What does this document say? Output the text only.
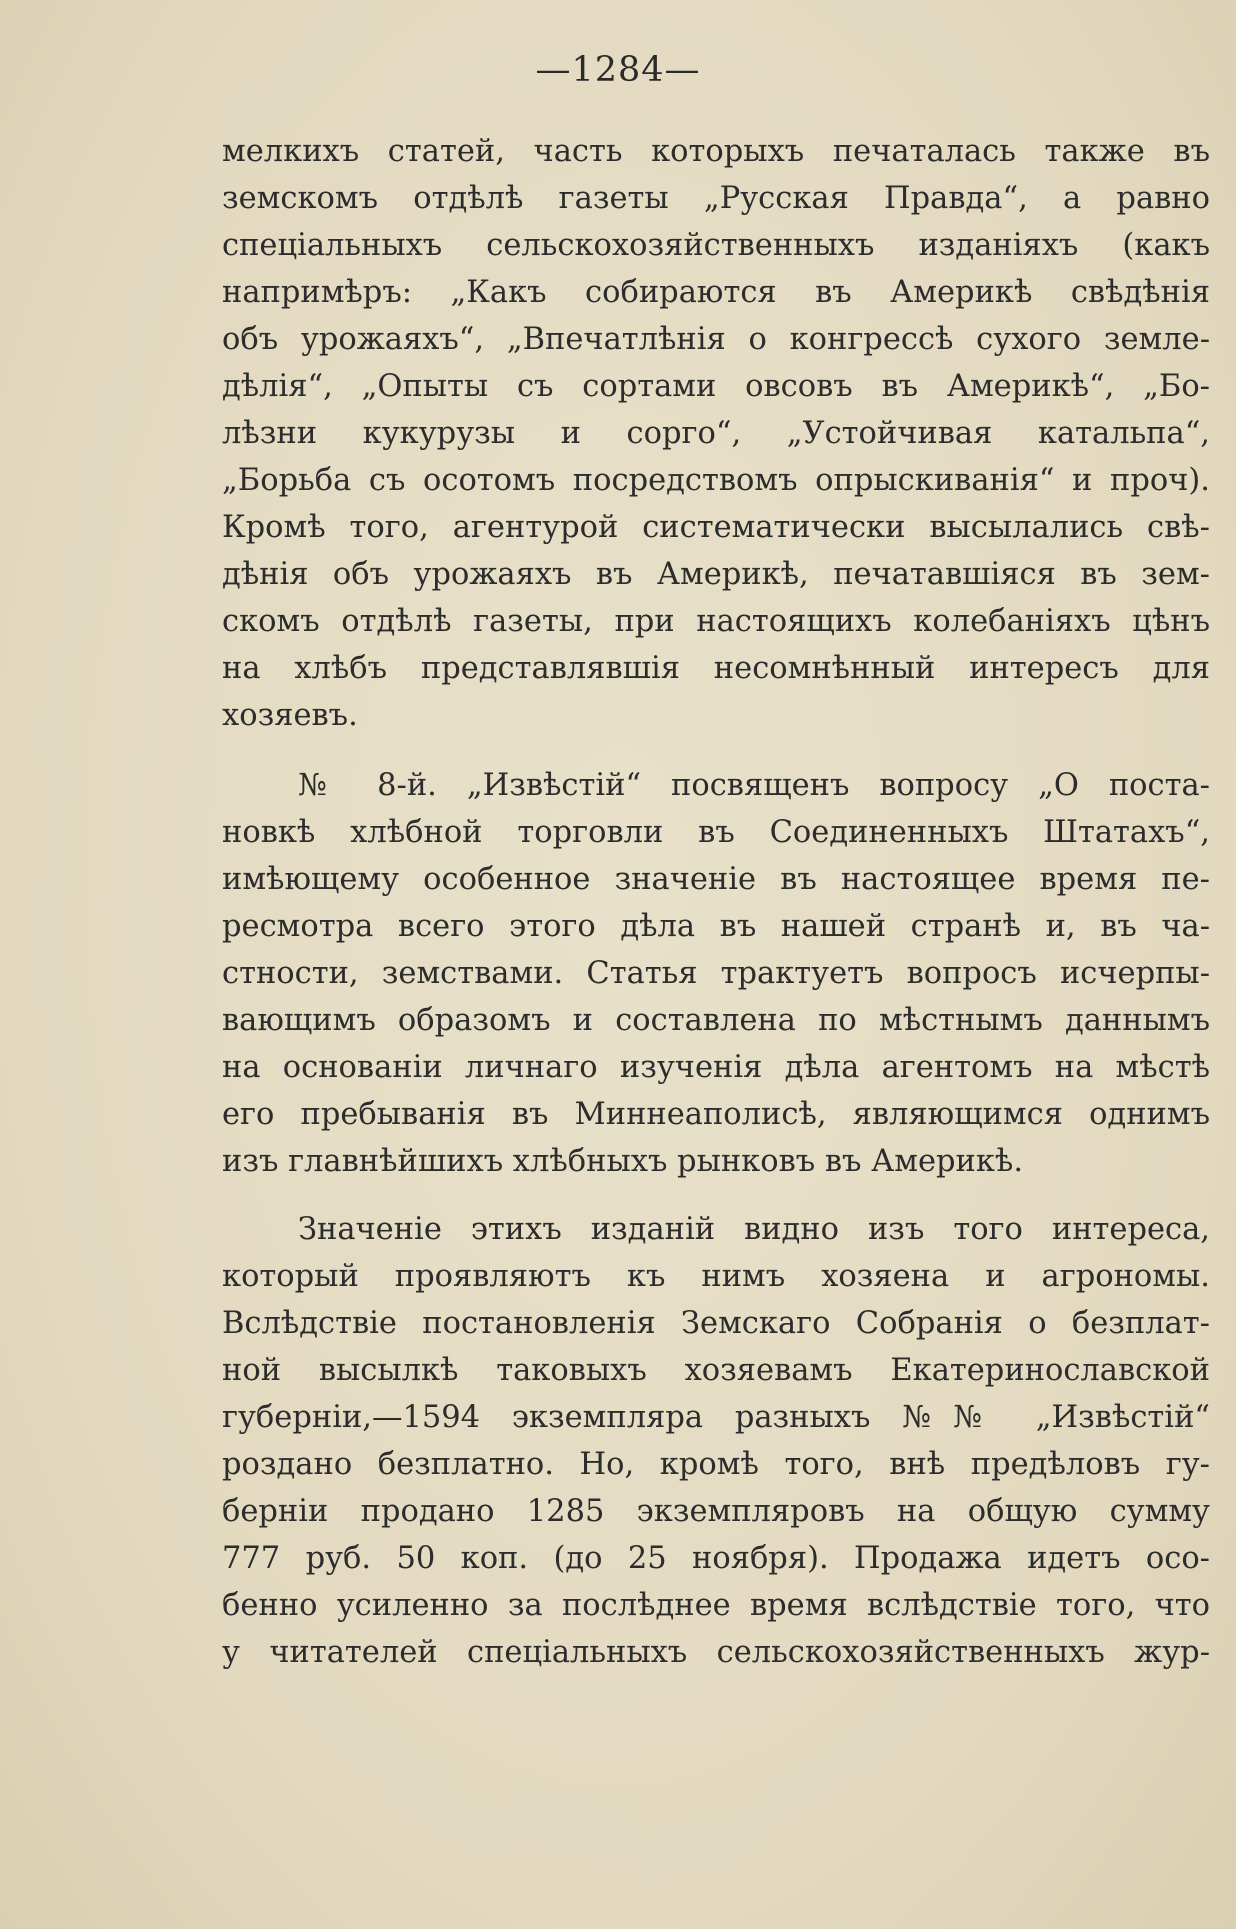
—1284—
мелкихъ статей, часть которыхъ печаталась также въ
земскомъ отдѣлѣ газеты „Русская Правда“, а равно
спеціальныхъ сельскохозяйственныхъ изданіяхъ (какъ
напримѣръ: „Какъ собираются въ Америкѣ свѣдѣнія
объ урожаяхъ“, „Впечатлѣнія о конгрессѣ сухого земле-
дѣлія“, „Опыты съ сортами овсовъ въ Америкѣ“, „Бо-
лѣзни кукурузы и сорго“, „Устойчивая катальпа“,
„Борьба съ осотомъ посредствомъ опрыскиванія“ и проч).
Кромѣ того, агентурой систематически высылались свѣ-
дѣнія объ урожаяхъ въ Америкѣ, печатавшіяся въ зем-
скомъ отдѣлѣ газеты, при настоящихъ колебаніяхъ цѣнъ
на хлѣбъ представлявшія несомнѣнный интересъ для
хозяевъ.
№ 8-й. „Извѣстій“ посвященъ вопросу „О поста-
новкѣ хлѣбной торговли въ Соединенныхъ Штатахъ“,
имѣющему особенное значеніе въ настоящее время пе-
ресмотра всего этого дѣла въ нашей странѣ и, въ ча-
стности, земствами. Статья трактуетъ вопросъ исчерпы-
вающимъ образомъ и составлена по мѣстнымъ даннымъ
на основаніи личнаго изученія дѣла агентомъ на мѣстѣ
его пребыванія въ Миннеаполисѣ, являющимся однимъ
изъ главнѣйшихъ хлѣбныхъ рынковъ въ Америкѣ.
Значеніе этихъ изданій видно изъ того интереса,
который проявляютъ къ нимъ хозяена и агрономы.
Вслѣдствіе постановленія Земскаго Собранія о безплат-
ной высылкѣ таковыхъ хозяевамъ Екатеринославской
губерніи,—1594 экземпляра разныхъ №№ „Извѣстій“
роздано безплатно. Но, кромѣ того, внѣ предѣловъ гу-
берніи продано 1285 экземпляровъ на общую сумму
777 руб. 50 коп. (до 25 ноября). Продажа идетъ осо-
бенно усиленно за послѣднее время вслѣдствіе того, что
у читателей спеціальныхъ сельскохозяйственныхъ жур-
